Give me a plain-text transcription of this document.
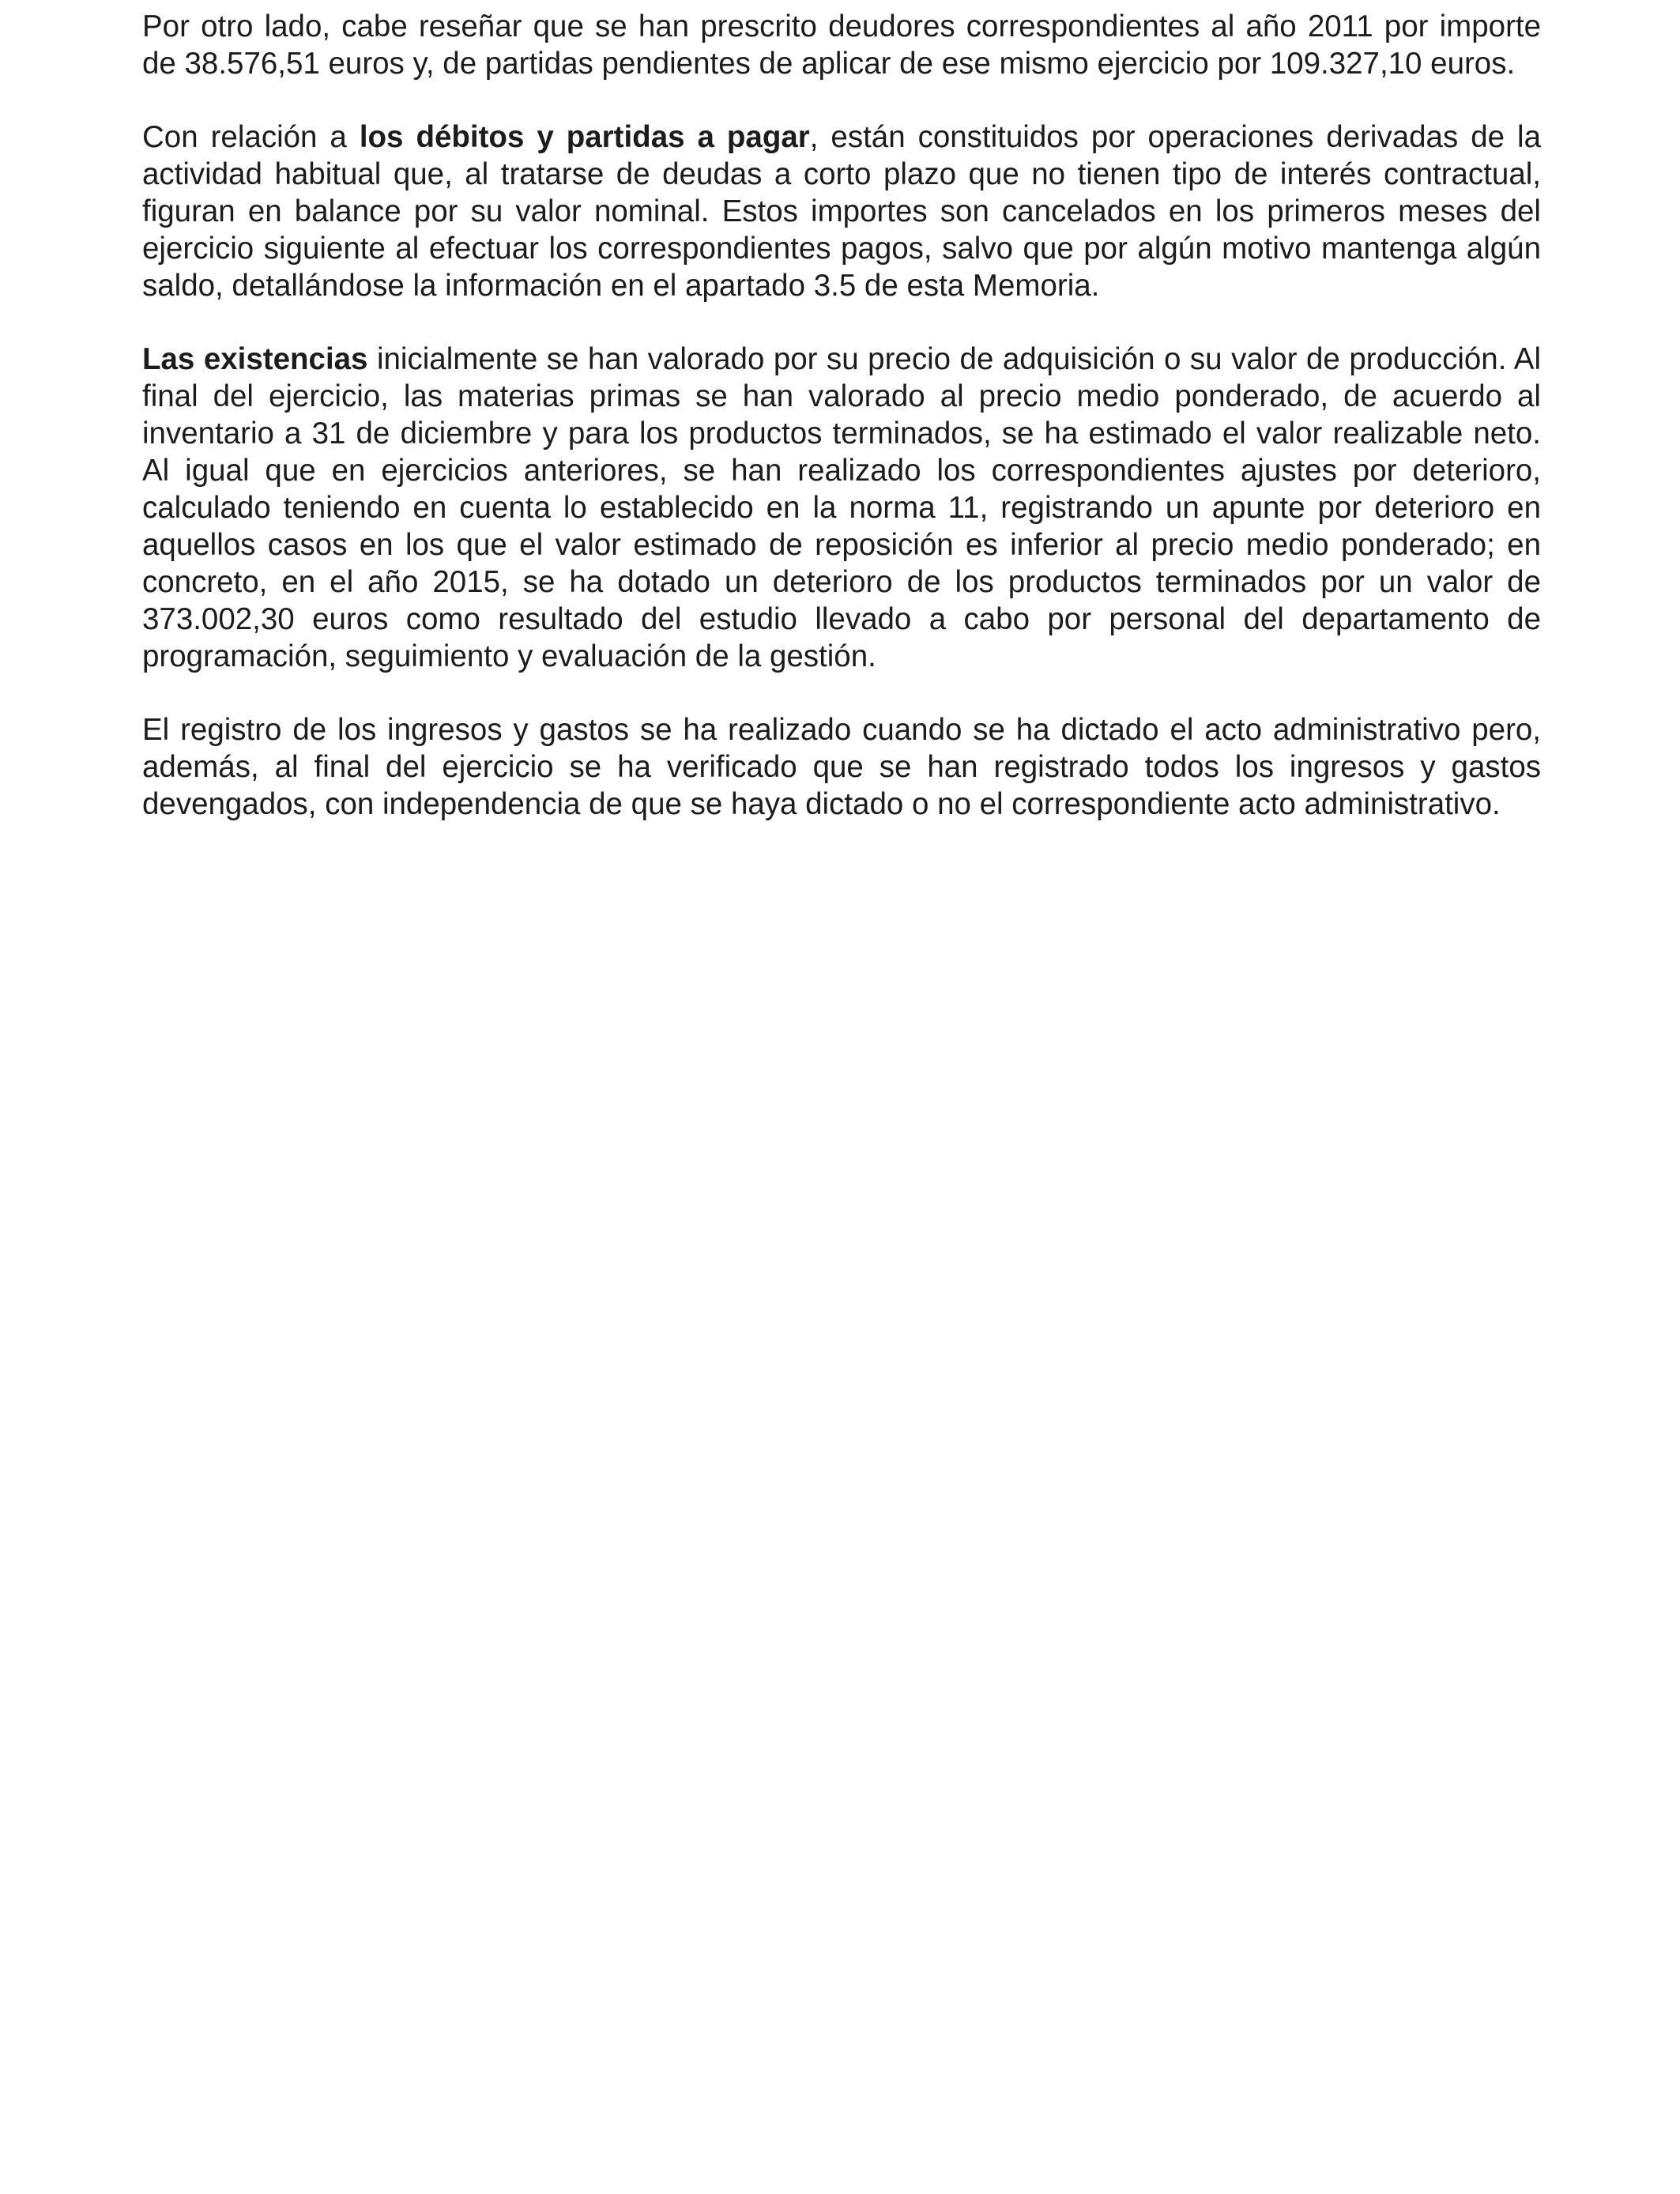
Por otro lado, cabe reseñar que se han prescrito deudores correspondientes al año 2011 por importe de 38.576,51 euros y, de partidas pendientes de aplicar de ese mismo ejercicio por 109.327,10 euros.

Con relación a los débitos y partidas a pagar, están constituidos por operaciones derivadas de la actividad habitual que, al tratarse de deudas a corto plazo que no tienen tipo de interés contractual, figuran en balance por su valor nominal. Estos importes son cancelados en los primeros meses del ejercicio siguiente al efectuar los correspondientes pagos, salvo que por algún motivo mantenga algún saldo, detallándose la información en el apartado 3.5 de esta Memoria.

Las existencias inicialmente se han valorado por su precio de adquisición o su valor de producción. Al final del ejercicio, las materias primas se han valorado al precio medio ponderado, de acuerdo al inventario a 31 de diciembre y para los productos terminados, se ha estimado el valor realizable neto. Al igual que en ejercicios anteriores, se han realizado los correspondientes ajustes por deterioro, calculado teniendo en cuenta lo establecido en la norma 11, registrando un apunte por deterioro en aquellos casos en los que el valor estimado de reposición es inferior al precio medio ponderado; en concreto, en el año 2015, se ha dotado un deterioro de los productos terminados por un valor de 373.002,30 euros como resultado del estudio llevado a cabo por personal del departamento de programación, seguimiento y evaluación de la gestión.

El registro de los ingresos y gastos se ha realizado cuando se ha dictado el acto administrativo pero, además, al final del ejercicio se ha verificado que se han registrado todos los ingresos y gastos devengados, con independencia de que se haya dictado o no el correspondiente acto administrativo.
